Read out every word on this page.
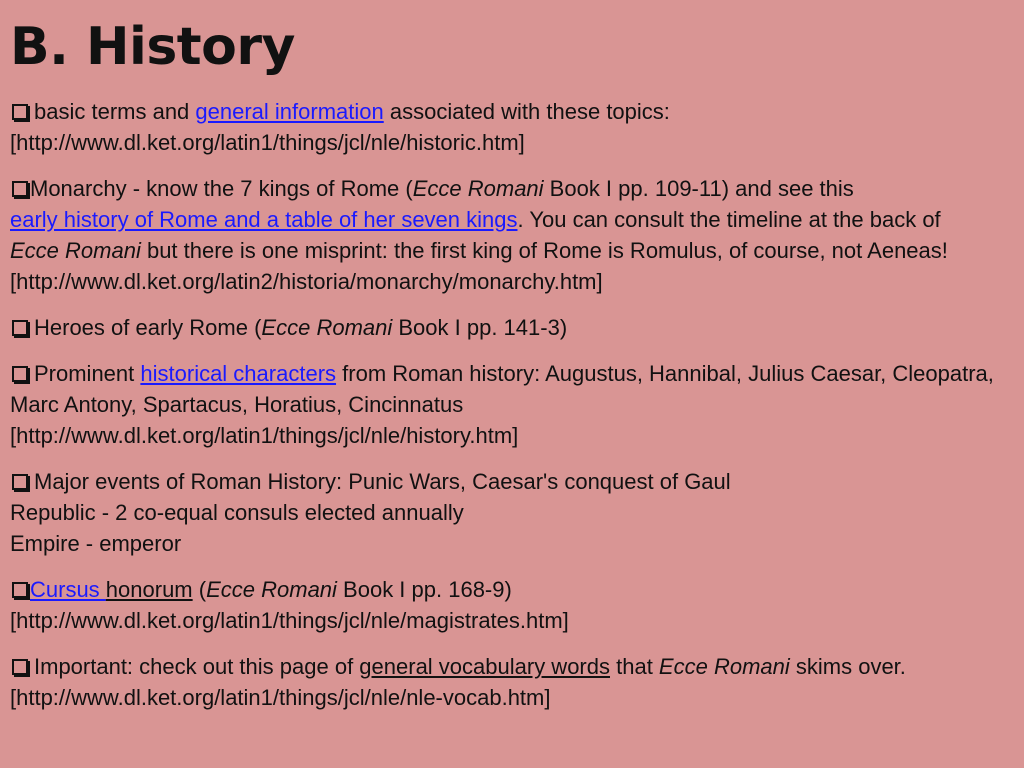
B. History
basic terms and general information associated with these topics:
[http://www.dl.ket.org/latin1/things/jcl/nle/historic.htm]
Monarchy - know the 7 kings of Rome (Ecce Romani Book I pp. 109-11) and see this
early history of Rome and a table of her seven kings. You can consult the timeline at the back of
Ecce Romani but there is one misprint: the first king of Rome is Romulus, of course, not Aeneas!
[http://www.dl.ket.org/latin2/historia/monarchy/monarchy.htm]
Heroes of early Rome (Ecce Romani Book I pp. 141-3)
Prominent historical characters from Roman history: Augustus, Hannibal, Julius Caesar, Cleopatra, Marc Antony, Spartacus, Horatius, Cincinnatus
[http://www.dl.ket.org/latin1/things/jcl/nle/history.htm]
Major events of Roman History: Punic Wars, Caesar's conquest of Gaul
Republic - 2 co-equal consuls elected annually
Empire - emperor
Cursus honorum (Ecce Romani Book I pp. 168-9)
[http://www.dl.ket.org/latin1/things/jcl/nle/magistrates.htm]
Important: check out this page of general vocabulary words that Ecce Romani skims over.
[http://www.dl.ket.org/latin1/things/jcl/nle/nle-vocab.htm]
